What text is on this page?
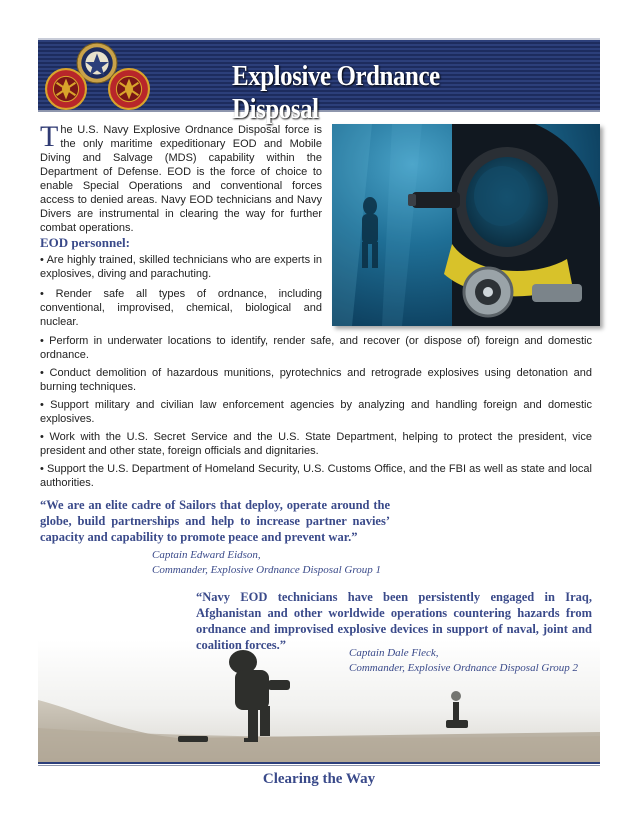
Explosive Ordnance Disposal
The U.S. Navy Explosive Ordnance Disposal force is the only maritime expeditionary EOD and Mobile Diving and Salvage (MDS) capability within the Department of Defense. EOD is the force of choice to enable Special Operations and conventional forces access to denied areas. Navy EOD technicians and Navy Divers are instrumental in clearing the way for further combat operations.
EOD personnel:
• Are highly trained, skilled technicians who are experts in explosives, diving and parachuting.
• Render safe all types of ordnance, including conventional, improvised, chemical, biological and nuclear.
• Perform in underwater locations to identify, render safe, and recover (or dispose of) foreign and domestic ordnance.
• Conduct demolition of hazardous munitions, pyrotechnics and retrograde explosives using detonation and burning techniques.
• Support military and civilian law enforcement agencies by analyzing and handling foreign and domestic explosives.
• Work with the U.S. Secret Service and the U.S. State Department, helping to protect the president, vice president and other state, foreign officials and dignitaries.
• Support the U.S. Department of Homeland Security, U.S. Customs Office, and the FBI as well as state and local authorities.
“We are an elite cadre of Sailors that deploy, operate around the globe, build partnerships and help to increase partner navies’ capacity and capability to promote peace and prevent war.”
Captain Edward Eidson,
Commander, Explosive Ordnance Disposal Group 1
“Navy EOD technicians have been persistently engaged in Iraq, Afghanistan and other worldwide operations countering hazards from ordnance and improvised explosive devices in support of naval, joint and coalition forces.”
Captain Dale Fleck,
Commander, Explosive Ordnance Disposal Group 2
Clearing the Way
